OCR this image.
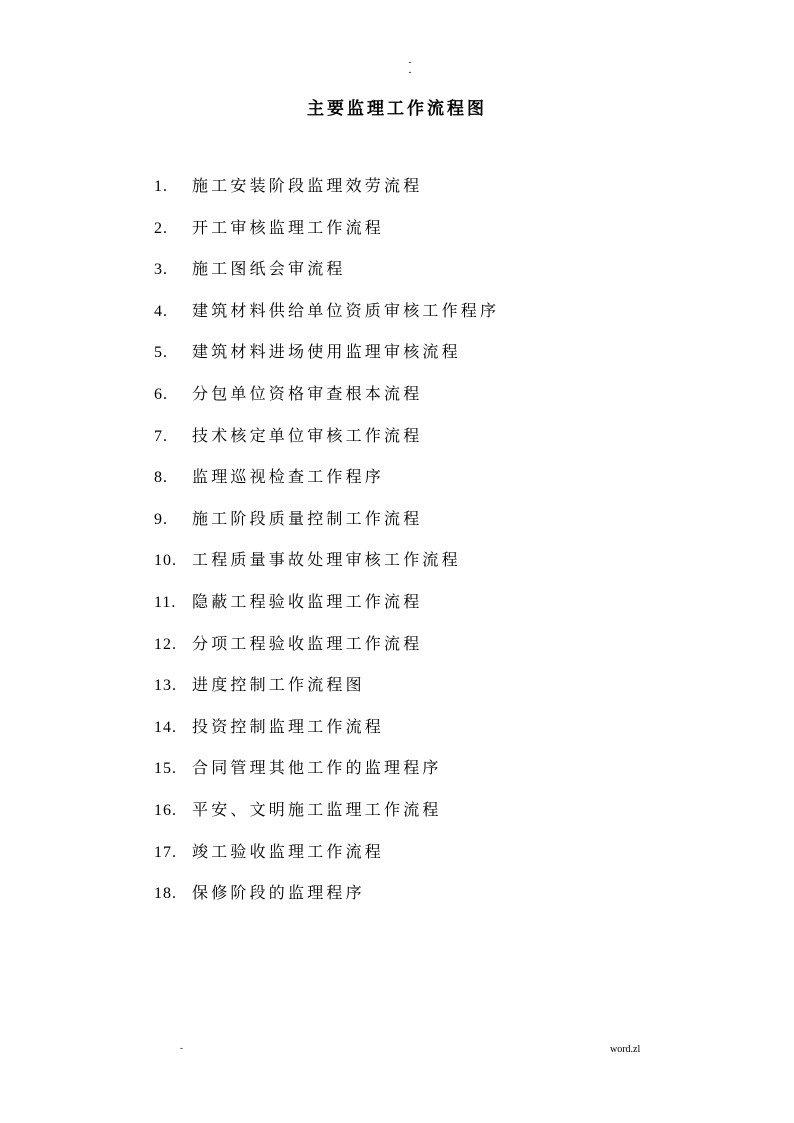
-
-
主要监理工作流程图
1. 施工安装阶段监理效劳流程
2. 开工审核监理工作流程
3. 施工图纸会审流程
4. 建筑材料供给单位资质审核工作程序
5. 建筑材料进场使用监理审核流程
6. 分包单位资格审查根本流程
7. 技术核定单位审核工作流程
8. 监理巡视检查工作程序
9. 施工阶段质量控制工作流程
10. 工程质量事故处理审核工作流程
11. 隐蔽工程验收监理工作流程
12. 分项工程验收监理工作流程
13. 进度控制工作流程图
14. 投资控制监理工作流程
15. 合同管理其他工作的监理程序
16. 平安、文明施工监理工作流程
17. 竣工验收监理工作流程
18. 保修阶段的监理程序
-	word.zl
